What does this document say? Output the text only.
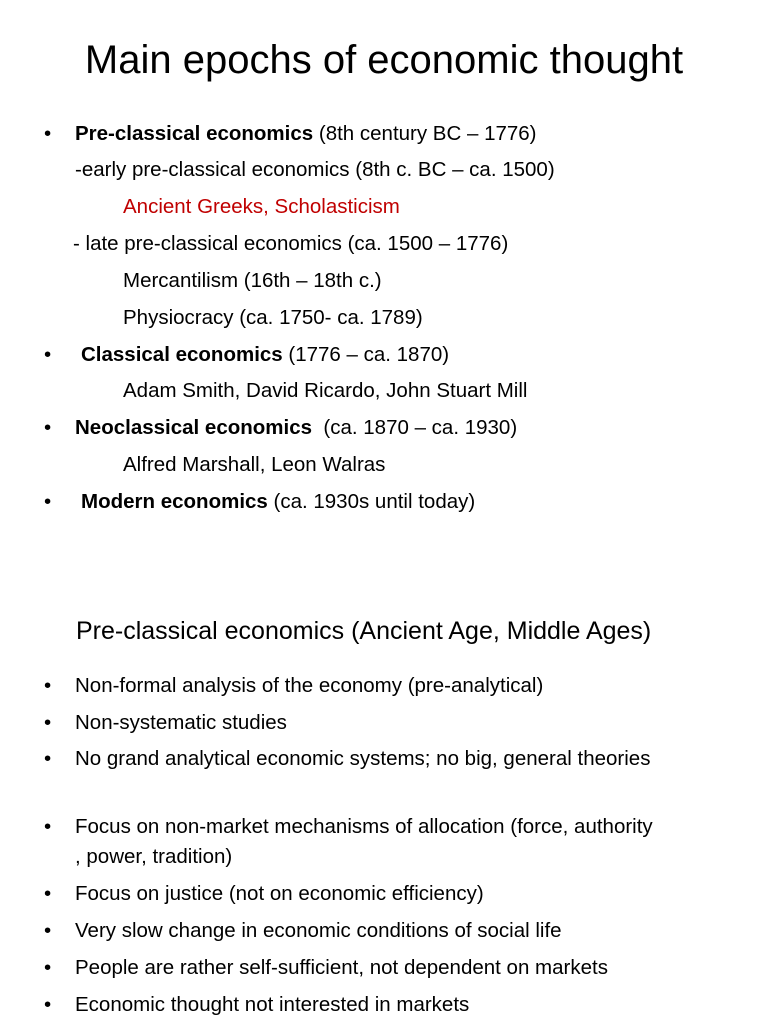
Main epochs of economic thought
• Pre-classical economics (8th century BC – 1776)
-early pre-classical economics (8th c. BC – ca. 1500)
Ancient Greeks, Scholasticism
- late pre-classical economics (ca. 1500 – 1776)
Mercantilism (16th – 18th c.)
Physiocracy (ca. 1750- ca. 1789)
• Classical economics (1776 – ca. 1870)
Adam Smith, David Ricardo, John Stuart Mill
• Neoclassical economics  (ca. 1870 – ca. 1930)
Alfred Marshall, Leon Walras
• Modern economics (ca. 1930s until today)
Pre-classical economics (Ancient Age, Middle Ages)
• Non-formal analysis of the economy (pre-analytical)
• Non-systematic studies
• No grand analytical economic systems; no big, general theories
• Focus on non-market mechanisms of allocation (force, authority , power, tradition)
• Focus on justice (not on economic efficiency)
• Very slow change in economic conditions of social life
• People are rather self-sufficient, not dependent on markets
• Economic thought not interested in markets
